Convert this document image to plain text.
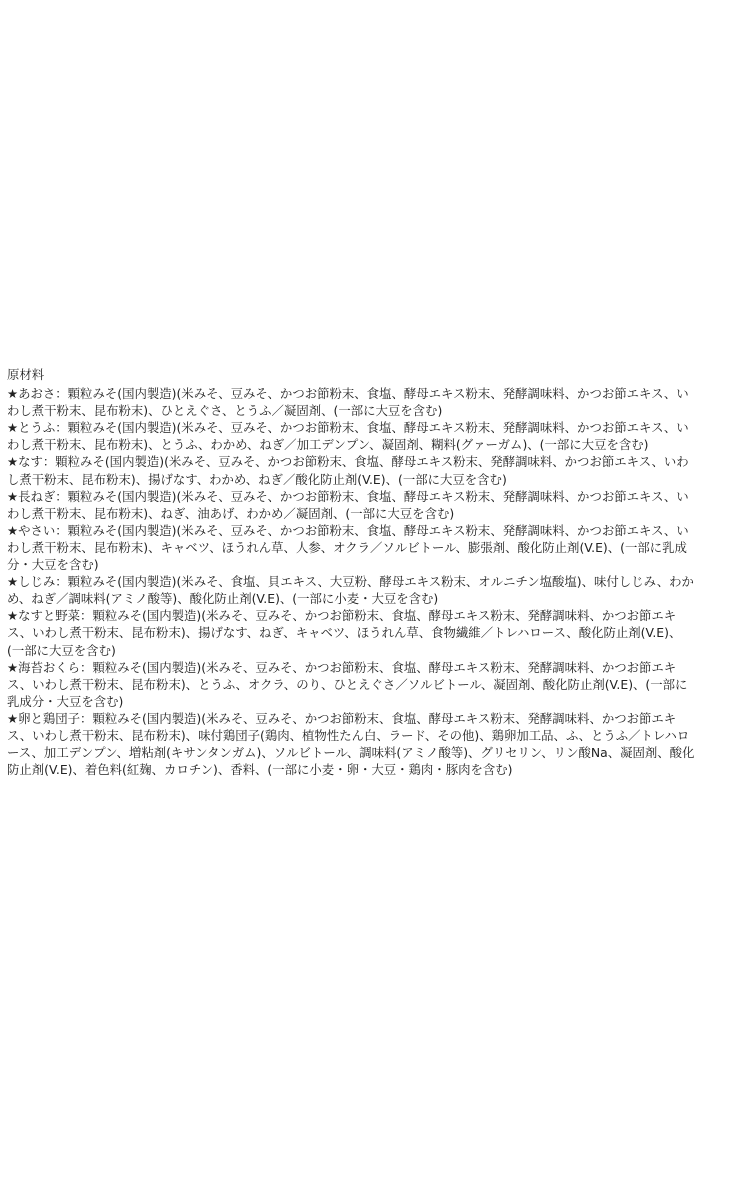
原材料
★あおさ：顆粒みそ(国内製造)(米みそ、豆みそ、かつお節粉末、食塩、酵母エキス粉末、発酵調味料、かつお節エキス、いわし煮干粉末、昆布粉末)、ひとえぐさ、とうふ／凝固剤、(一部に大豆を含む)
★とうふ：顆粒みそ(国内製造)(米みそ、豆みそ、かつお節粉末、食塩、酵母エキス粉末、発酵調味料、かつお節エキス、いわし煮干粉末、昆布粉末)、とうふ、わかめ、ねぎ／加工デンプン、凝固剤、糊料(グァーガム)、(一部に大豆を含む)
★なす：顆粒みそ(国内製造)(米みそ、豆みそ、かつお節粉末、食塩、酵母エキス粉末、発酵調味料、かつお節エキス、いわし煮干粉末、昆布粉末)、揚げなす、わかめ、ねぎ／酸化防止剤(V.E)、(一部に大豆を含む)
★長ねぎ：顆粒みそ(国内製造)(米みそ、豆みそ、かつお節粉末、食塩、酵母エキス粉末、発酵調味料、かつお節エキス、いわし煮干粉末、昆布粉末)、ねぎ、油あげ、わかめ／凝固剤、(一部に大豆を含む)
★やさい：顆粒みそ(国内製造)(米みそ、豆みそ、かつお節粉末、食塩、酵母エキス粉末、発酵調味料、かつお節エキス、いわし煮干粉末、昆布粉末)、キャベツ、ほうれん草、人参、オクラ／ソルビトール、膨張剤、酸化防止剤(V.E)、(一部に乳成分・大豆を含む)
★しじみ：顆粒みそ(国内製造)(米みそ、食塩、貝エキス、大豆粉、酵母エキス粉末、オルニチン塩酸塩)、味付しじみ、わかめ、ねぎ／調味料(アミノ酸等)、酸化防止剤(V.E)、(一部に小麦・大豆を含む)
★なすと野菜：顆粒みそ(国内製造)(米みそ、豆みそ、かつお節粉末、食塩、酵母エキス粉末、発酵調味料、かつお節エキス、いわし煮干粉末、昆布粉末)、揚げなす、ねぎ、キャベツ、ほうれん草、食物繊維／トレハロース、酸化防止剤(V.E)、(一部に大豆を含む)
★海苔おくら：顆粒みそ(国内製造)(米みそ、豆みそ、かつお節粉末、食塩、酵母エキス粉末、発酵調味料、かつお節エキス、いわし煮干粉末、昆布粉末)、とうふ、オクラ、のり、ひとえぐさ／ソルビトール、凝固剤、酸化防止剤(V.E)、(一部に乳成分・大豆を含む)
★卵と鶏団子：顆粒みそ(国内製造)(米みそ、豆みそ、かつお節粉末、食塩、酵母エキス粉末、発酵調味料、かつお節エキス、いわし煮干粉末、昆布粉末)、味付鶏団子(鶏肉、植物性たん白、ラード、その他)、鶏卵加工品、ふ、とうふ／トレハロース、加工デンプン、増粘剤(キサンタンガム)、ソルビトール、調味料(アミノ酸等)、グリセリン、リン酸Na、凝固剤、酸化防止剤(V.E)、着色料(紅麹、カロチン)、香料、(一部に小麦・卵・大豆・鶏肉・豚肉を含む)
